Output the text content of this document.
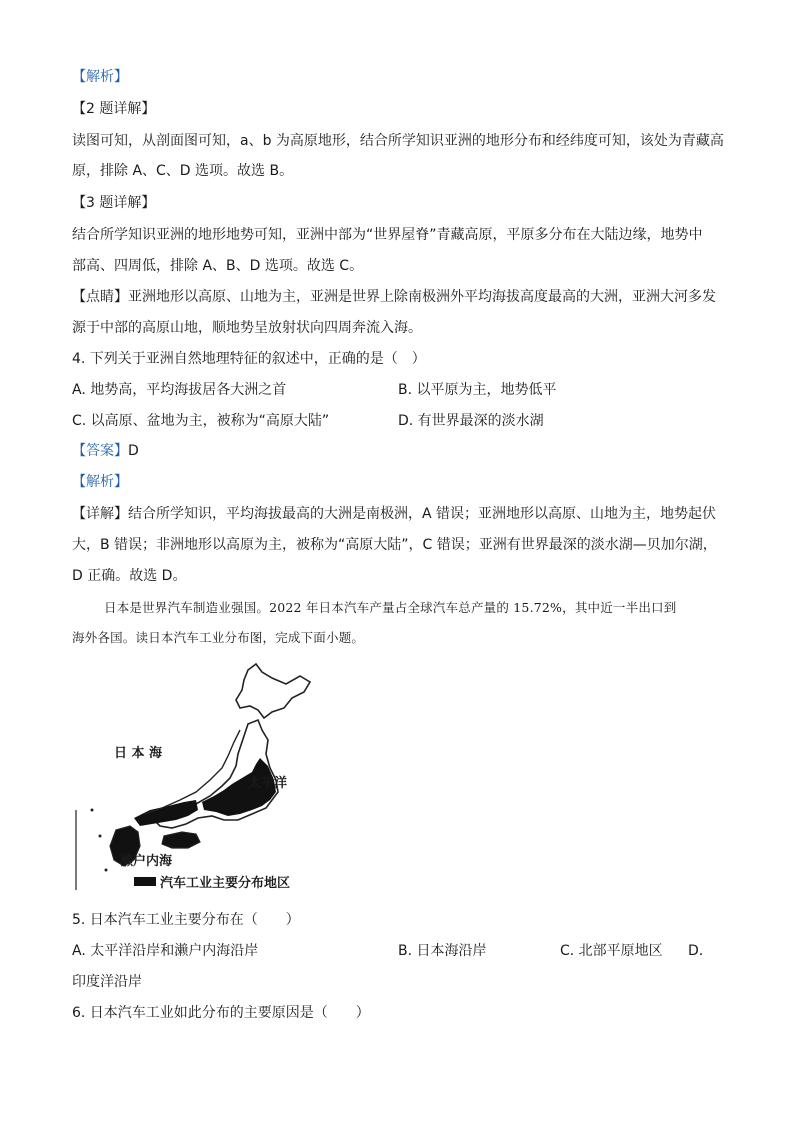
【解析】
【2 题详解】
读图可知，从剖面图可知，a、b 为高原地形，结合所学知识亚洲的地形分布和经纬度可知，该处为青藏高
原，排除 A、C、D 选项。故选 B。
【3 题详解】
结合所学知识亚洲的地形地势可知，亚洲中部为“世界屋脊”青藏高原，平原多分布在大陆边缘，地势中
部高、四周低，排除 A、B、D 选项。故选 C。
【点睛】亚洲地形以高原、山地为主，亚洲是世界上除南极洲外平均海拔高度最高的大洲，亚洲大河多发
源于中部的高原山地，顺地势呈放射状向四周奔流入海。
4. 下列关于亚洲自然地理特征的叙述中，正确的是（　）
A. 地势高，平均海拔居各大洲之首	B. 以平原为主，地势低平
C. 以高原、盆地为主，被称为“高原大陆”	D. 有世界最深的淡水湖
【答案】D
【解析】
【详解】结合所学知识，平均海拔最高的大洲是南极洲，A 错误；亚洲地形以高原、山地为主，地势起伏
大，B 错误；非洲地形以高原为主，被称为“高原大陆”，C 错误；亚洲有世界最深的淡水湖—贝加尔湖，
D 正确。故选 D。
日本是世界汽车制造业强国。2022 年日本汽车产量占全球汽车总产量的 15.72%，其中近一半出口到
海外各国。读日本汽车工业分布图，完成下面小题。
日 本 海
太平洋
濑户内海
汽车工业主要分布地区
5. 日本汽车工业主要分布在（　　）
A. 太平洋沿岸和濑户内海沿岸	B. 日本海沿岸	C. 北部平原地区 D.
印度洋沿岸
6. 日本汽车工业如此分布的主要原因是（　　）
